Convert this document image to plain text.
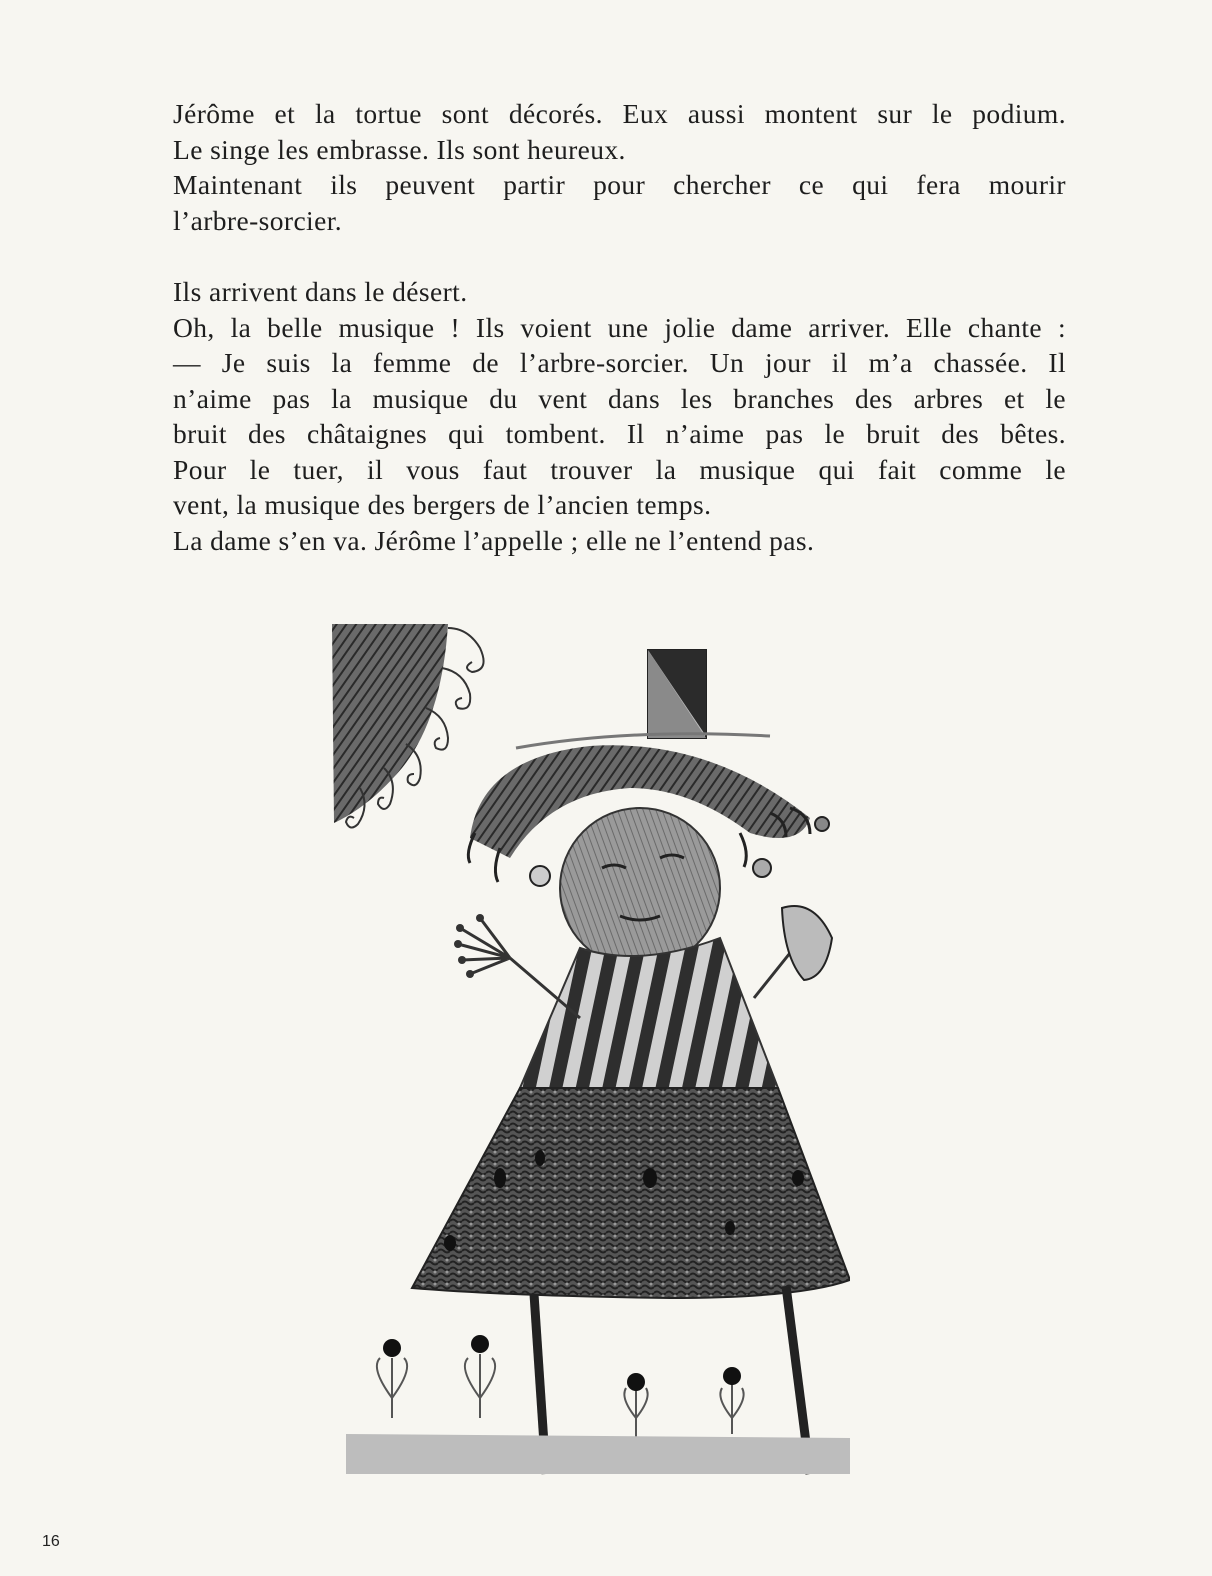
Jérôme et la tortue sont décorés. Eux aussi montent sur le podium.
Le singe les embrasse. Ils sont heureux.
Maintenant ils peuvent partir pour chercher ce qui fera mourir
l’arbre-sorcier.
Ils arrivent dans le désert.
Oh, la belle musique ! Ils voient une jolie dame arriver. Elle chante :
— Je suis la femme de l’arbre-sorcier. Un jour il m’a chassée. Il
n’aime pas la musique du vent dans les branches des arbres et le
bruit des châtaignes qui tombent. Il n’aime pas le bruit des bêtes.
Pour le tuer, il vous faut trouver la musique qui fait comme le
vent, la musique des bergers de l’ancien temps.
La dame s’en va. Jérôme l’appelle ; elle ne l’entend pas.
16
